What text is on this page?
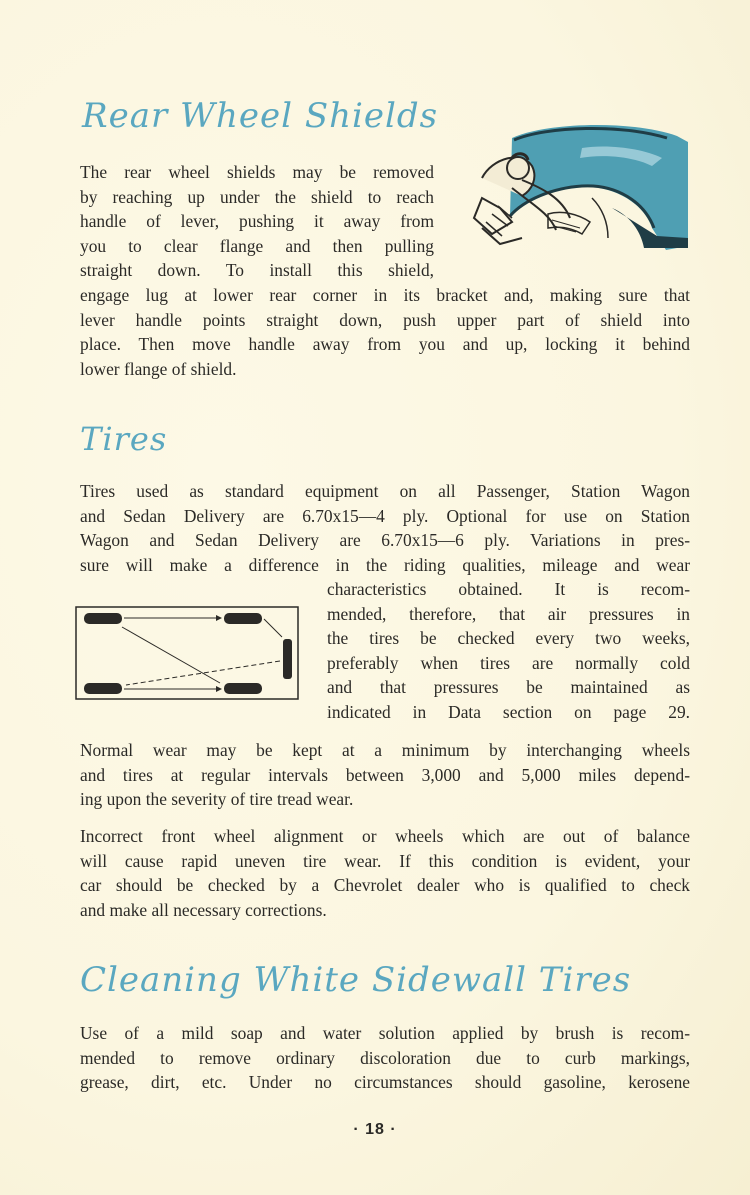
Rear Wheel Shields
The rear wheel shields may be removed
by reaching up under the shield to reach
handle of lever, pushing it away from
you to clear flange and then pulling
straight down. To install this shield,
engage lug at lower rear corner in its bracket and, making sure that
lever handle points straight down, push upper part of shield into
place. Then move handle away from you and up, locking it behind
lower flange of shield.
Tires
Tires used as standard equipment on all Passenger, Station Wagon
and Sedan Delivery are 6.70x15—4 ply. Optional for use on Station
Wagon and Sedan Delivery are 6.70x15—6 ply. Variations in pres-
sure will make a difference in the riding qualities, mileage and wear
characteristics obtained. It is recom-
mended, therefore, that air pressures in
the tires be checked every two weeks,
preferably when tires are normally cold
and that pressures be maintained as
indicated in Data section on page 29.
Normal wear may be kept at a minimum by interchanging wheels
and tires at regular intervals between 3,000 and 5,000 miles depend-
ing upon the severity of tire tread wear.
Incorrect front wheel alignment or wheels which are out of balance
will cause rapid uneven tire wear. If this condition is evident, your
car should be checked by a Chevrolet dealer who is qualified to check
and make all necessary corrections.
Cleaning White Sidewall Tires
Use of a mild soap and water solution applied by brush is recom-
mended to remove ordinary discoloration due to curb markings,
grease, dirt, etc. Under no circumstances should gasoline, kerosene
· 18 ·
